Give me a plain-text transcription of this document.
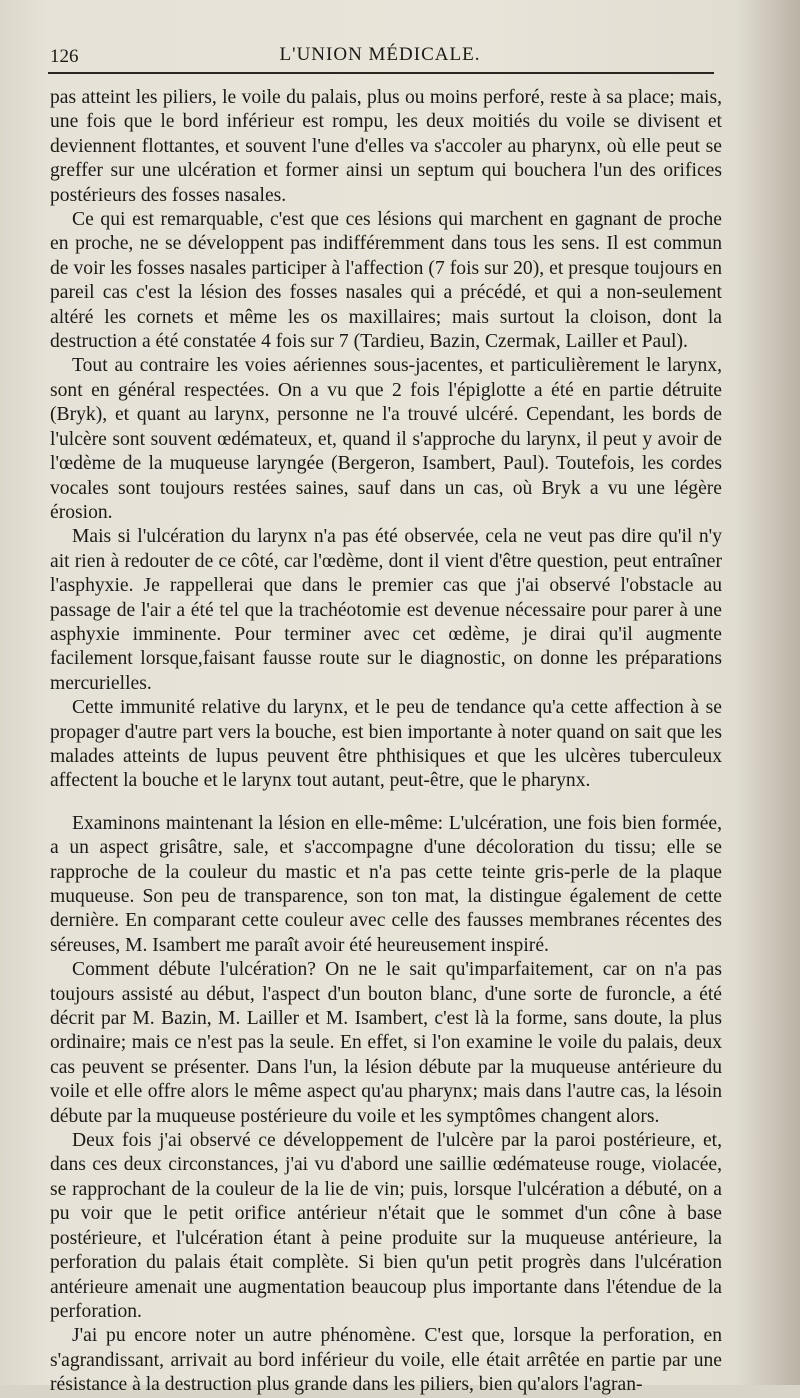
126	L'UNION MÉDICALE.

pas atteint les piliers, le voile du palais, plus ou moins perforé, reste à sa place; mais, une fois que le bord inférieur est rompu, les deux moitiés du voile se divisent et deviennent flottantes, et souvent l'une d'elles va s'accoler au pharynx, où elle peut se greffer sur une ulcération et former ainsi un septum qui bouchera l'un des orifices postérieurs des fosses nasales.

Ce qui est remarquable, c'est que ces lésions qui marchent en gagnant de proche en proche, ne se développent pas indifféremment dans tous les sens. Il est commun de voir les fosses nasales participer à l'affection (7 fois sur 20), et presque toujours en pareil cas c'est la lésion des fosses nasales qui a précédé, et qui a non-seulement altéré les cornets et même les os maxillaires; mais surtout la cloison, dont la destruction a été constatée 4 fois sur 7 (Tardieu, Bazin, Czermak, Lailler et Paul).

Tout au contraire les voies aériennes sous-jacentes, et particulièrement le larynx, sont en général respectées. On a vu que 2 fois l'épiglotte a été en partie détruite (Bryk), et quant au larynx, personne ne l'a trouvé ulcéré. Cependant, les bords de l'ulcère sont souvent œdémateux, et, quand il s'approche du larynx, il peut y avoir de l'œdème de la muqueuse laryngée (Bergeron, Isambert, Paul). Toutefois, les cordes vocales sont toujours restées saines, sauf dans un cas, où Bryk a vu une légère érosion.

Mais si l'ulcération du larynx n'a pas été observée, cela ne veut pas dire qu'il n'y ait rien à redouter de ce côté, car l'œdème, dont il vient d'être question, peut entraîner l'asphyxie. Je rappellerai que dans le premier cas que j'ai observé l'obstacle au passage de l'air a été tel que la trachéotomie est devenue nécessaire pour parer à une asphyxie imminente. Pour terminer avec cet œdème, je dirai qu'il augmente facilement lorsque,faisant fausse route sur le diagnostic, on donne les préparations mercurielles.

Cette immunité relative du larynx, et le peu de tendance qu'a cette affection à se propager d'autre part vers la bouche, est bien importante à noter quand on sait que les malades atteints de lupus peuvent être phthisiques et que les ulcères tuberculeux affectent la bouche et le larynx tout autant, peut-être, que le pharynx.

Examinons maintenant la lésion en elle-même: L'ulcération, une fois bien formée, a un aspect grisâtre, sale, et s'accompagne d'une décoloration du tissu; elle se rapproche de la couleur du mastic et n'a pas cette teinte gris-perle de la plaque muqueuse. Son peu de transparence, son ton mat, la distingue également de cette dernière. En comparant cette couleur avec celle des fausses membranes récentes des séreuses, M. Isambert me paraît avoir été heureusement inspiré.

Comment débute l'ulcération? On ne le sait qu'imparfaitement, car on n'a pas toujours assisté au début, l'aspect d'un bouton blanc, d'une sorte de furoncle, a été décrit par M. Bazin, M. Lailler et M. Isambert, c'est là la forme, sans doute, la plus ordinaire; mais ce n'est pas la seule. En effet, si l'on examine le voile du palais, deux cas peuvent se présenter. Dans l'un, la lésion débute par la muqueuse antérieure du voile et elle offre alors le même aspect qu'au pharynx; mais dans l'autre cas, la lésoin débute par la muqueuse postérieure du voile et les symptômes changent alors.

Deux fois j'ai observé ce développement de l'ulcère par la paroi postérieure, et, dans ces deux circonstances, j'ai vu d'abord une saillie œdémateuse rouge, violacée, se rapprochant de la couleur de la lie de vin; puis, lorsque l'ulcération a débuté, on a pu voir que le petit orifice antérieur n'était que le sommet d'un cône à base postérieure, et l'ulcération étant à peine produite sur la muqueuse antérieure, la perforation du palais était complète. Si bien qu'un petit progrès dans l'ulcération antérieure amenait une augmentation beaucoup plus importante dans l'étendue de la perforation.

J'ai pu encore noter un autre phénomène. C'est que, lorsque la perforation, en s'agrandissant, arrivait au bord inférieur du voile, elle était arrêtée en partie par une résistance à la destruction plus grande dans les piliers, bien qu'alors l'agran-
